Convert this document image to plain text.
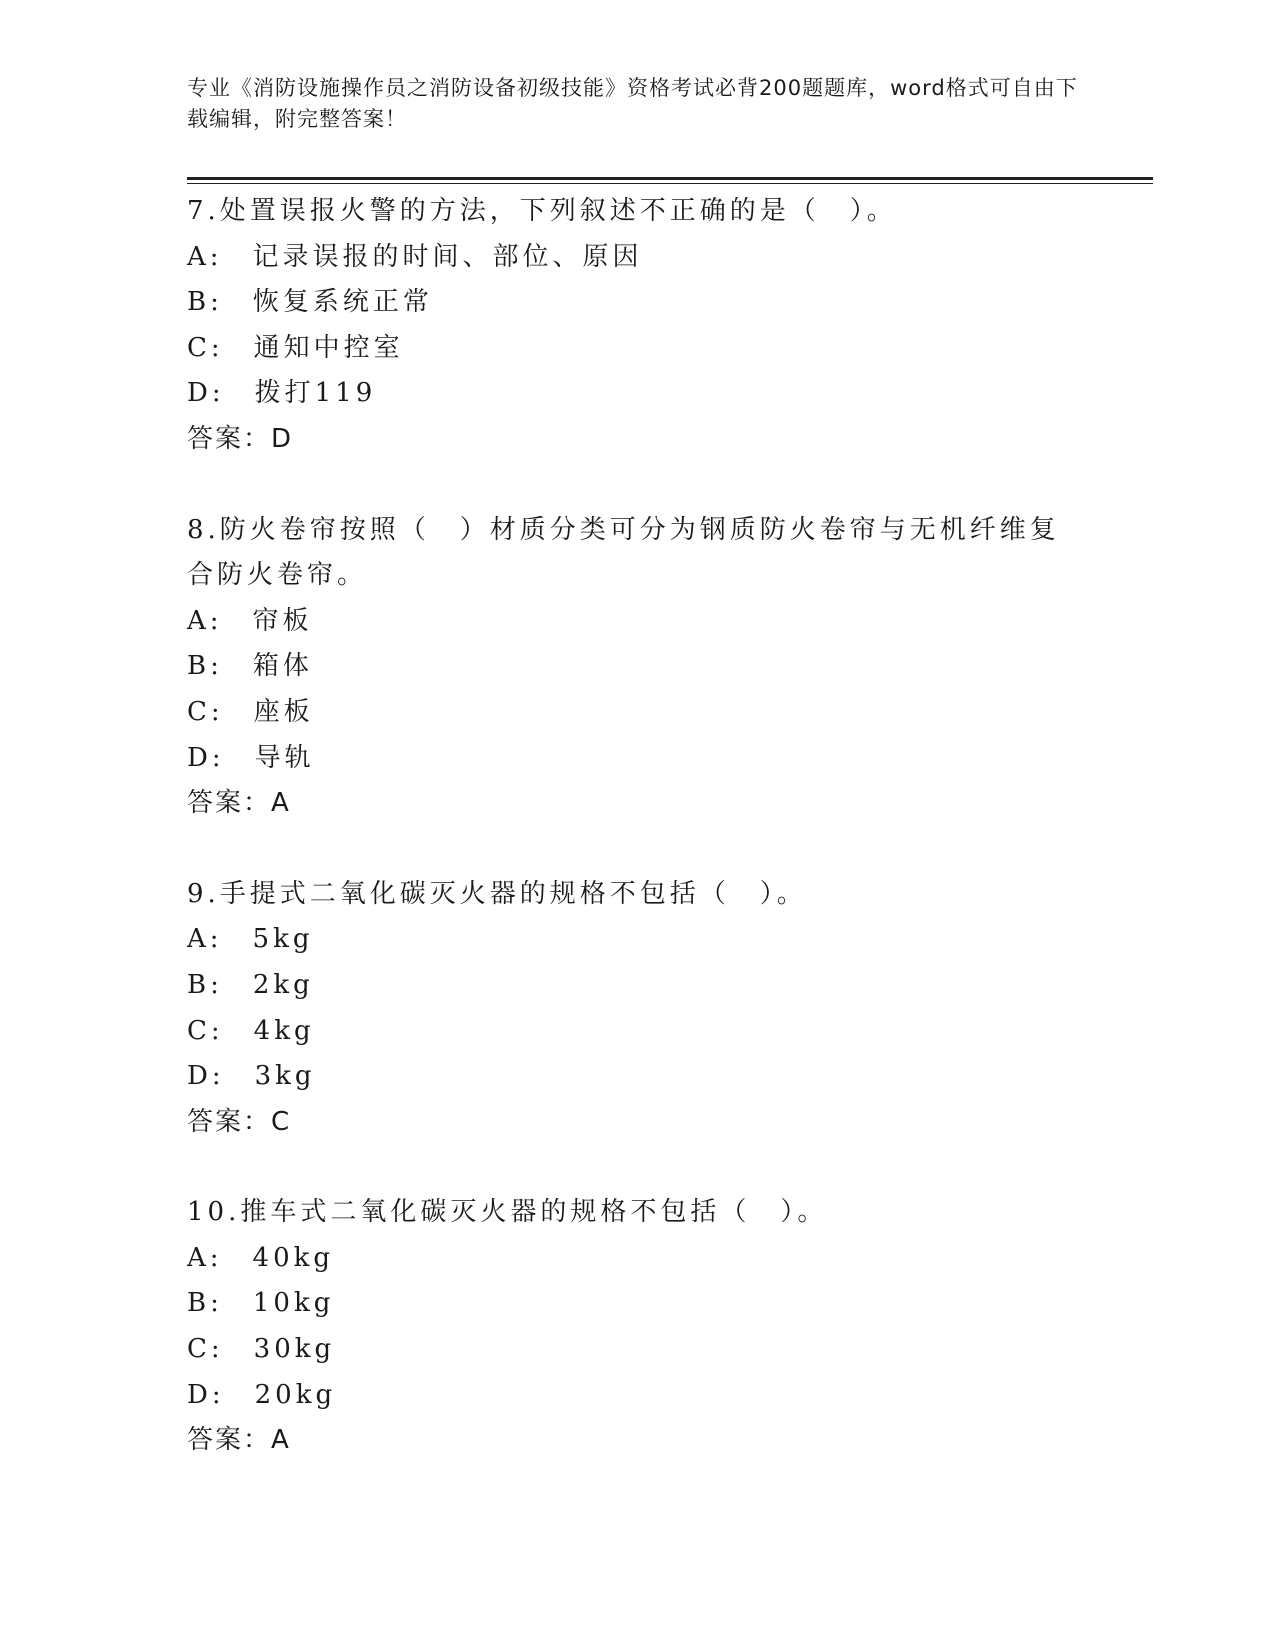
专业《消防设施操作员之消防设备初级技能》资格考试必背200题题库，word格式可自由下载编辑，附完整答案！

7.处置误报火警的方法，下列叙述不正确的是（　）。

A:　记录误报的时间、部位、原因

B:　恢复系统正常

C:　通知中控室

D:　拨打119

答案：D

8.防火卷帘按照（　）材质分类可分为钢质防火卷帘与无机纤维复合防火卷帘。

A:　帘板

B:　箱体

C:　座板

D:　导轨

答案：A

9.手提式二氧化碳灭火器的规格不包括（　）。

A:　5kg

B:　2kg

C:　4kg

D:　3kg

答案：C

10.推车式二氧化碳灭火器的规格不包括（　）。

A:　40kg

B:　10kg

C:　30kg

D:　20kg

答案：A
